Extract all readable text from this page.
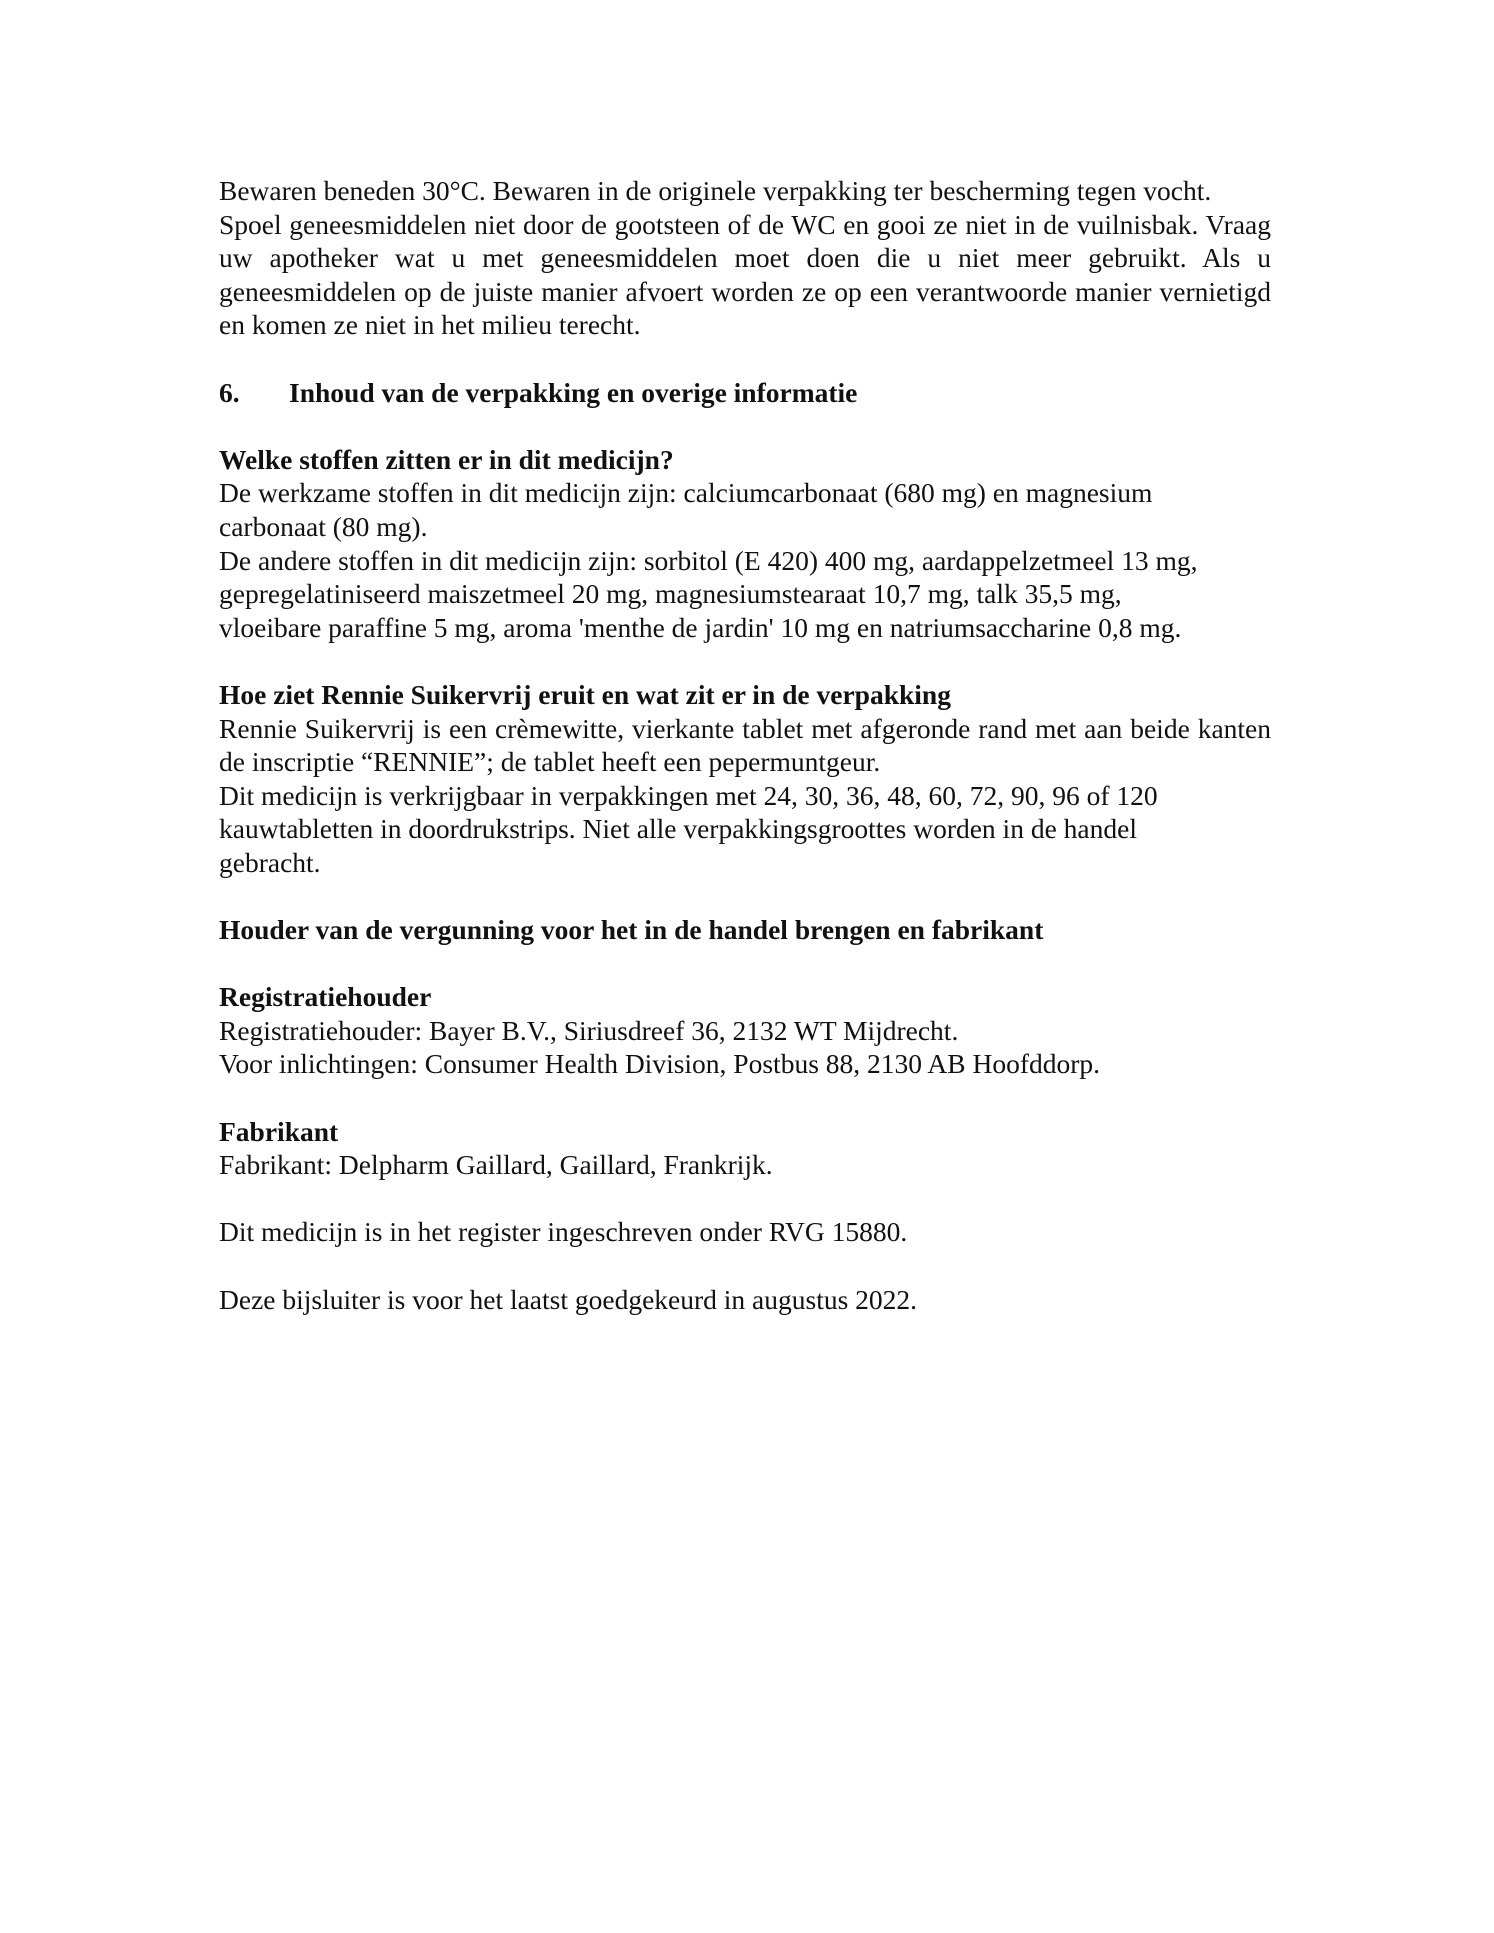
Bewaren beneden 30°C. Bewaren in de originele verpakking ter bescherming tegen vocht.

Spoel geneesmiddelen niet door de gootsteen of de WC en gooi ze niet in de vuilnisbak. Vraag uw apotheker wat u met geneesmiddelen moet doen die u niet meer gebruikt. Als u geneesmiddelen op de juiste manier afvoert worden ze op een verantwoorde manier vernietigd en komen ze niet in het milieu terecht.

6. Inhoud van de verpakking en overige informatie

Welke stoffen zitten er in dit medicijn?

De werkzame stoffen in dit medicijn zijn: calciumcarbonaat (680 mg) en magnesium

carbonaat (80 mg).

De andere stoffen in dit medicijn zijn: sorbitol (E 420) 400 mg, aardappelzetmeel 13 mg,

gepregelatiniseerd maiszetmeel 20 mg, magnesiumstearaat 10,7 mg, talk 35,5 mg,

vloeibare paraffine 5 mg, aroma 'menthe de jardin' 10 mg en natriumsaccharine 0,8 mg.

Hoe ziet Rennie Suikervrij eruit en wat zit er in de verpakking

Rennie Suikervrij is een crèmewitte, vierkante tablet met afgeronde rand met aan beide kanten de inscriptie “RENNIE”; de tablet heeft een pepermuntgeur.

Dit medicijn is verkrijgbaar in verpakkingen met 24, 30, 36, 48, 60, 72, 90, 96 of 120

kauwtabletten in doordrukstrips. Niet alle verpakkingsgroottes worden in de handel

gebracht.

Houder van de vergunning voor het in de handel brengen en fabrikant

Registratiehouder

Registratiehouder: Bayer B.V., Siriusdreef 36, 2132 WT Mijdrecht.

Voor inlichtingen: Consumer Health Division, Postbus 88, 2130 AB Hoofddorp.

Fabrikant

Fabrikant: Delpharm Gaillard, Gaillard, Frankrijk.

Dit medicijn is in het register ingeschreven onder RVG 15880.

Deze bijsluiter is voor het laatst goedgekeurd in augustus 2022.
